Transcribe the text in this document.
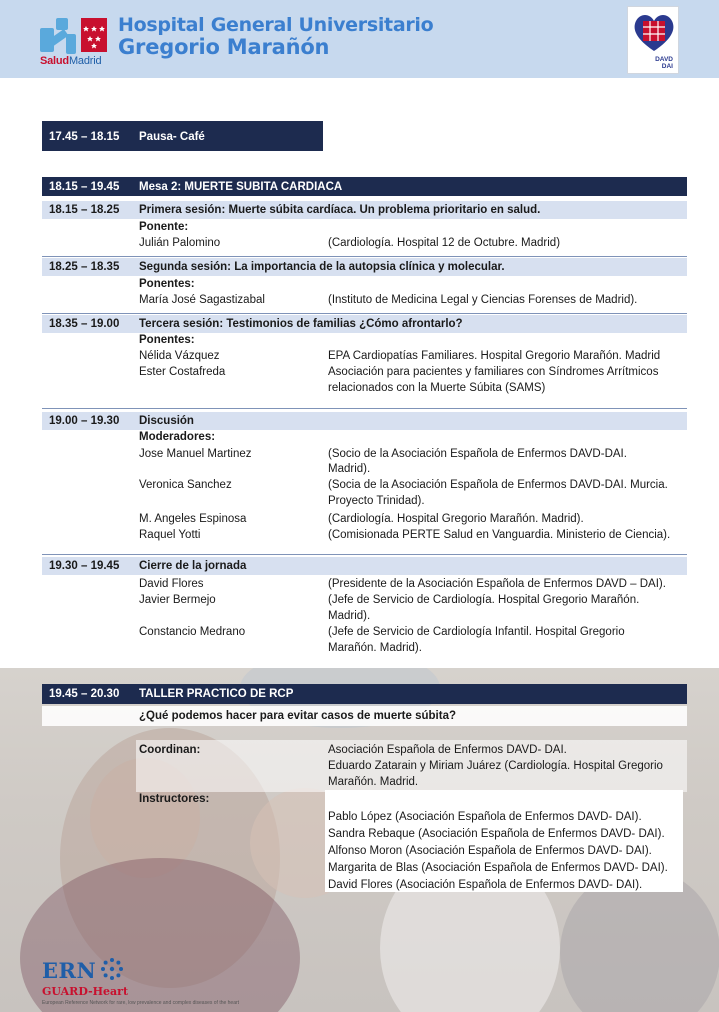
SaludMadrid
Hospital General Universitario
Gregorio Marañón
DAVD
DAI
17.45 – 18.15 Pausa- Café
18.15 – 19.45 Mesa 2: MUERTE SUBITA CARDIACA
18.15 – 18.25 Primera sesión: Muerte súbita cardíaca. Un problema prioritario en salud.
Ponente:
Julián Palomino	(Cardiología. Hospital 12 de Octubre. Madrid)
18.25 – 18.35 Segunda sesión: La importancia de la autopsia clínica y molecular.
Ponentes:
María José Sagastizabal	(Instituto de Medicina Legal y Ciencias Forenses de Madrid).
18.35 – 19.00 Tercera sesión: Testimonios de familias ¿Cómo afrontarlo?
Ponentes:
Nélida Vázquez	EPA Cardiopatías Familiares. Hospital Gregorio Marañón. Madrid
Ester Costafreda	Asociación para pacientes y familiares con Síndromes Arrítmicos
relacionados con la Muerte Súbita (SAMS)
19.00 – 19.30 Discusión
Moderadores:
Jose Manuel Martinez	(Socio de la Asociación Española de Enfermos DAVD-DAI.
Madrid).
Veronica Sanchez	(Socia de la Asociación Española de Enfermos DAVD-DAI. Murcia.
Proyecto Trinidad).
M. Angeles Espinosa	(Cardiología. Hospital Gregorio Marañón. Madrid).
Raquel Yotti	(Comisionada PERTE Salud en Vanguardia. Ministerio de Ciencia).
19.30 – 19.45 Cierre de la jornada
David Flores	(Presidente de la Asociación Española de Enfermos DAVD – DAI).
Javier Bermejo	(Jefe de Servicio de Cardiología. Hospital Gregorio Marañón.
Madrid).
Constancio Medrano	(Jefe de Servicio de Cardiología Infantil. Hospital Gregorio
Marañón. Madrid).
19.45 – 20.30 TALLER PRACTICO DE RCP
¿Qué podemos hacer para evitar casos de muerte súbita?
Coordinan:	Asociación Española de Enfermos DAVD- DAI.
Eduardo Zatarain y Miriam Juárez (Cardiología. Hospital Gregorio
Marañón. Madrid.
Instructores:
Pablo López (Asociación Española de Enfermos DAVD- DAI).
Sandra Rebaque (Asociación Española de Enfermos DAVD- DAI).
Alfonso Moron (Asociación Española de Enfermos DAVD- DAI).
Margarita de Blas (Asociación Española de Enfermos DAVD- DAI).
David Flores (Asociación Española de Enfermos DAVD- DAI).
ERN
GUARD-Heart
European Reference Network for rare, low prevalence and complex diseases of the heart
